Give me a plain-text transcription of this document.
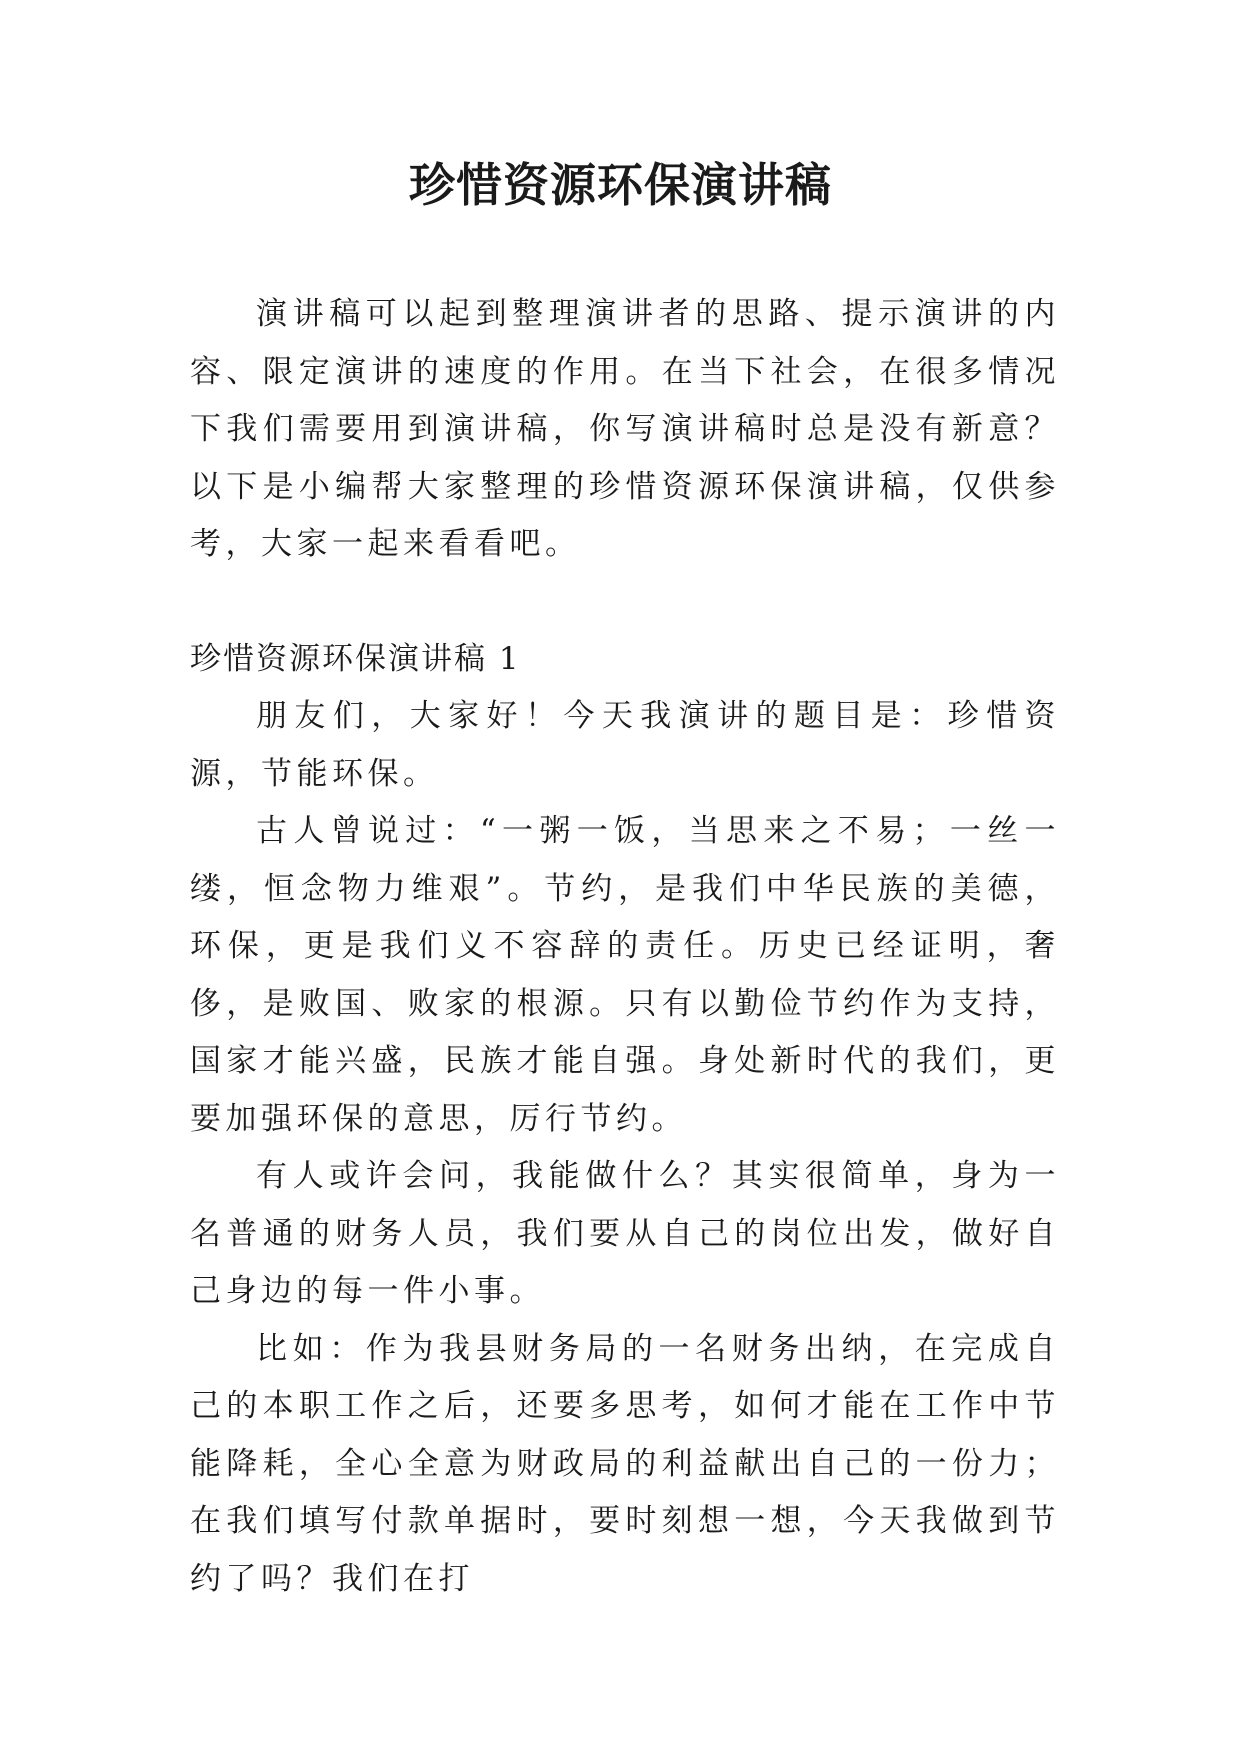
珍惜资源环保演讲稿

演讲稿可以起到整理演讲者的思路、提示演讲的内容、限定演讲的速度的作用。在当下社会，在很多情况下我们需要用到演讲稿，你写演讲稿时总是没有新意？以下是小编帮大家整理的珍惜资源环保演讲稿，仅供参考，大家一起来看看吧。

珍惜资源环保演讲稿 1

朋友们，大家好！今天我演讲的题目是：珍惜资源，节能环保。

古人曾说过：“一粥一饭，当思来之不易；一丝一缕，恒念物力维艰”。节约，是我们中华民族的美德，环保，更是我们义不容辞的责任。历史已经证明，奢侈，是败国、败家的根源。只有以勤俭节约作为支持，国家才能兴盛，民族才能自强。身处新时代的我们，更要加强环保的意思，厉行节约。

有人或许会问，我能做什么？其实很简单，身为一名普通的财务人员，我们要从自己的岗位出发，做好自己身边的每一件小事。

比如：作为我县财务局的一名财务出纳，在完成自己的本职工作之后，还要多思考，如何才能在工作中节能降耗，全心全意为财政局的利益献出自己的一份力；在我们填写付款单据时，要时刻想一想，今天我做到节约了吗？我们在打
